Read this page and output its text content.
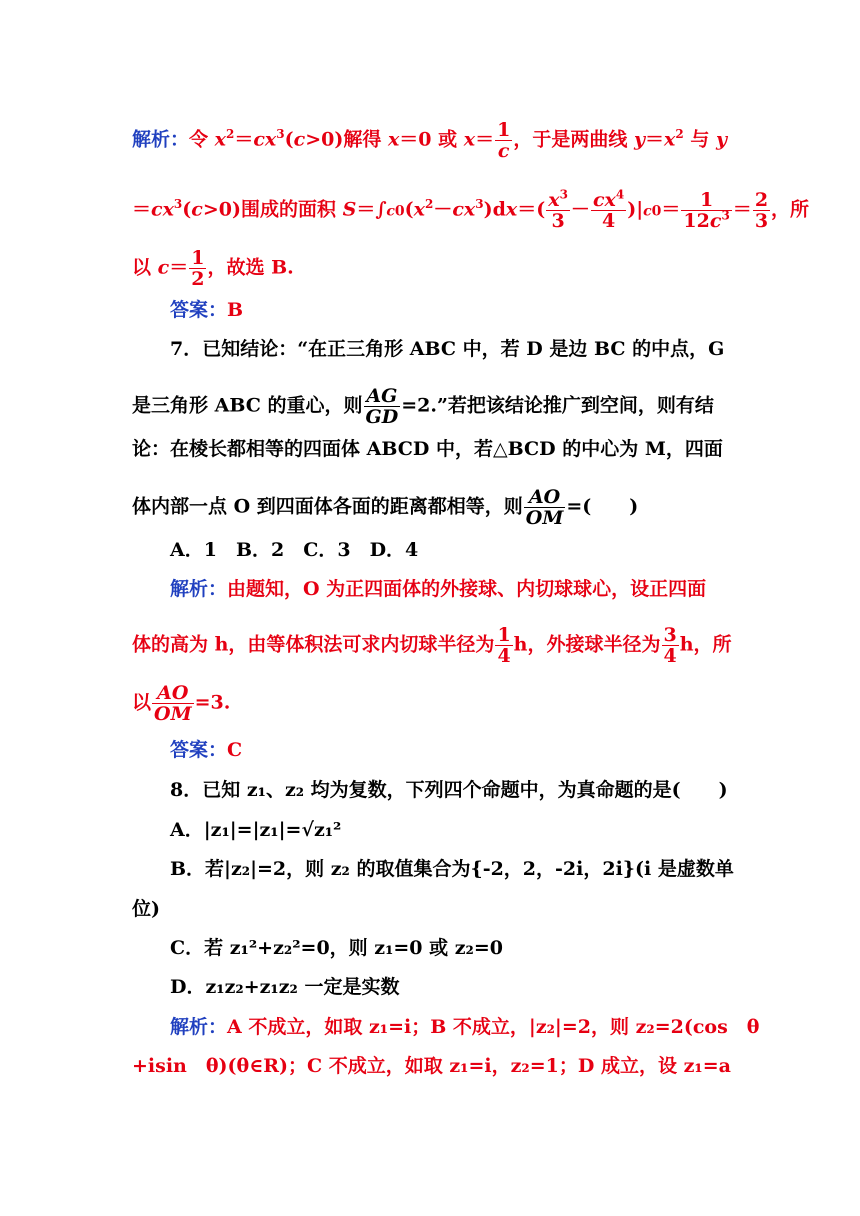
解析：令 $x^2=cx^3(c>0)$解得 x＝0 或 $x= \frac{1}{c}$ ，于是两曲线 $y=x^2$ 与 y
$=cx^3(c>0)$围成的面积 $S=\int c0(x^2-cx^3)dx=( \frac{x^3}{3} - \frac{cx^4}{4} )|c0= \frac{1}{12c^3} = \frac{2}{3}$ ，所
以 $c= \frac{1}{2}$ ，故选 B.
答案：B
7．已知结论：“在正三角形 ABC 中，若 D 是边 BC 的中点，G
是三角形 ABC 的重心，则 $\frac{AG}{GD} =2$.”若把该结论推广到空间，则有结
论：在棱长都相等的四面体 ABCD 中，若△BCD 的中心为 M，四面
体内部一点 O 到四面体各面的距离都相等，则 $\frac{AO}{OM}$ =(　　)
A．1　B．2　C．3　D．4
解析：由题知，O 为正四面体的外接球、内切球球心，设正四面
体的高为 h，由等体积法可求内切球半径为 $\frac{1}{4}$ h，外接球半径为 $\frac{3}{4}$ h，所
以 $\frac{AO}{OM} =3$.
答案：C
8．已知 z₁、z₂ 均为复数，下列四个命题中，为真命题的是(　　)
A．|z₁|=|z₁|=√z₁²
B．若|z₂|=2，则 z₂ 的取值集合为{-2，2，-2i，2i}(i 是虚数单
位)
C．若 z₁²+z₂²=0，则 z₁=0 或 z₂=0
D．z₁z₂+z₁z₂ 一定是实数
解析：A 不成立，如取 z₁=i；B 不成立，|z₂|=2，则 z₂=2(cos　θ
+isin　θ)(θ∈R)；C 不成立，如取 z₁=i，z₂=1；D 成立，设 z₁=a
